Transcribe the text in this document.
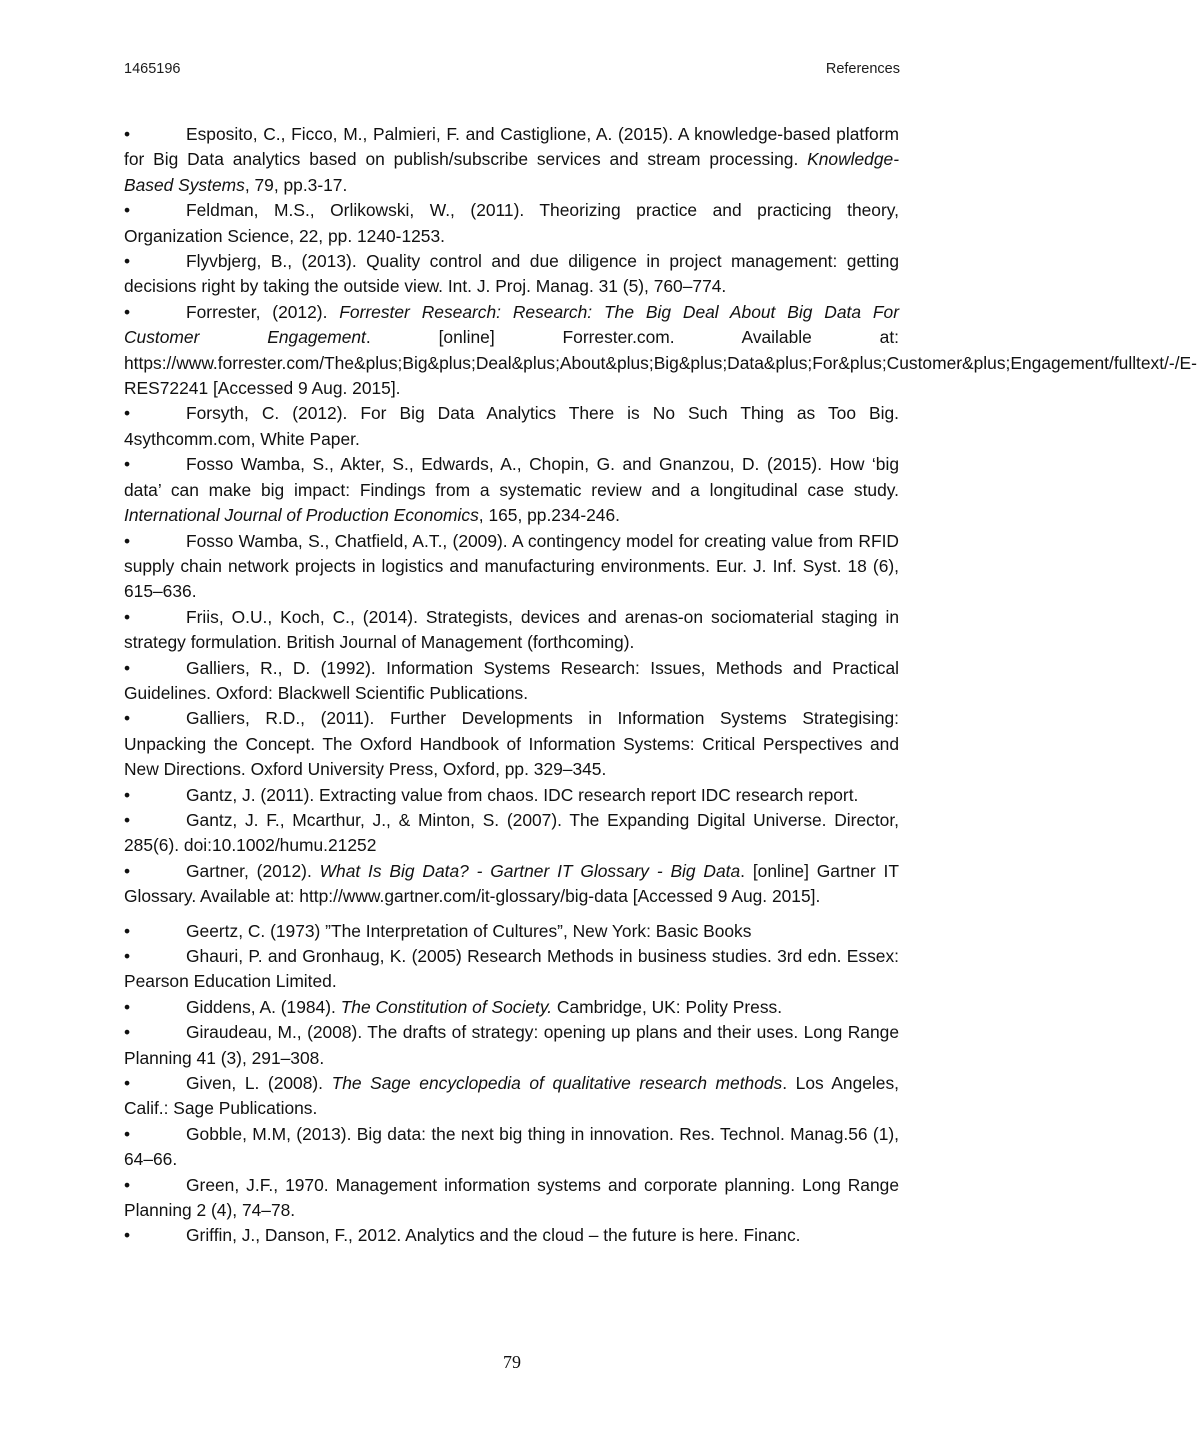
1465196	References

•	Esposito, C., Ficco, M., Palmieri, F. and Castiglione, A. (2015). A knowledge-based platform for Big Data analytics based on publish/subscribe services and stream processing. Knowledge-Based Systems, 79, pp.3-17.

•	Feldman, M.S., Orlikowski, W., (2011). Theorizing practice and practicing theory, Organization Science, 22, pp. 1240-1253.

•	Flyvbjerg, B., (2013). Quality control and due diligence in project management: getting decisions right by taking the outside view. Int. J. Proj. Manag. 31 (5), 760–774.

•	Forrester, (2012). Forrester Research: Research: The Big Deal About Big Data For Customer Engagement. [online] Forrester.com. Available at: https://www.forrester.com/The&plus;Big&plus;Deal&plus;About&plus;Big&plus;Data&plus;For&plus;Customer&plus;Engagement/fulltext/-/E-RES72241 [Accessed 9 Aug. 2015].

•	Forsyth, C. (2012). For Big Data Analytics There is No Such Thing as Too Big. 4sythcomm.com, White Paper.

•	Fosso Wamba, S., Akter, S., Edwards, A., Chopin, G. and Gnanzou, D. (2015). How ‘big data’ can make big impact: Findings from a systematic review and a longitudinal case study. International Journal of Production Economics, 165, pp.234-246.

•	Fosso Wamba, S., Chatfield, A.T., (2009). A contingency model for creating value from RFID supply chain network projects in logistics and manufacturing environments. Eur. J. Inf. Syst. 18 (6), 615–636.

•	Friis, O.U., Koch, C., (2014). Strategists, devices and arenas-on sociomaterial staging in strategy formulation. British Journal of Management (forthcoming).

•	Galliers, R., D. (1992). Information Systems Research: Issues, Methods and Practical Guidelines. Oxford: Blackwell Scientific Publications.

•	Galliers, R.D., (2011). Further Developments in Information Systems Strategising: Unpacking the Concept. The Oxford Handbook of Information Systems: Critical Perspectives and New Directions. Oxford University Press, Oxford, pp. 329–345.

•	Gantz, J. (2011). Extracting value from chaos. IDC research report IDC research report.

•	Gantz, J. F., Mcarthur, J., & Minton, S. (2007). The Expanding Digital Universe. Director, 285(6). doi:10.1002/humu.21252

•	Gartner, (2012). What Is Big Data? - Gartner IT Glossary - Big Data. [online] Gartner IT Glossary. Available at: http://www.gartner.com/it-glossary/big-data [Accessed 9 Aug. 2015].

•	Geertz, C. (1973) ”The Interpretation of Cultures”, New York: Basic Books

•	Ghauri, P. and Gronhaug, K. (2005) Research Methods in business studies. 3rd edn. Essex: Pearson Education Limited.

•	Giddens, A. (1984). The Constitution of Society. Cambridge, UK: Polity Press.

•	Giraudeau, M., (2008). The drafts of strategy: opening up plans and their uses. Long Range Planning 41 (3), 291–308.

•	Given, L. (2008). The Sage encyclopedia of qualitative research methods. Los Angeles, Calif.: Sage Publications.

•	Gobble, M.M, (2013). Big data: the next big thing in innovation. Res. Technol. Manag.56 (1), 64–66.

•	Green, J.F., 1970. Management information systems and corporate planning. Long Range Planning 2 (4), 74–78.

•	Griffin, J., Danson, F., 2012. Analytics and the cloud – the future is here. Financ.

79
